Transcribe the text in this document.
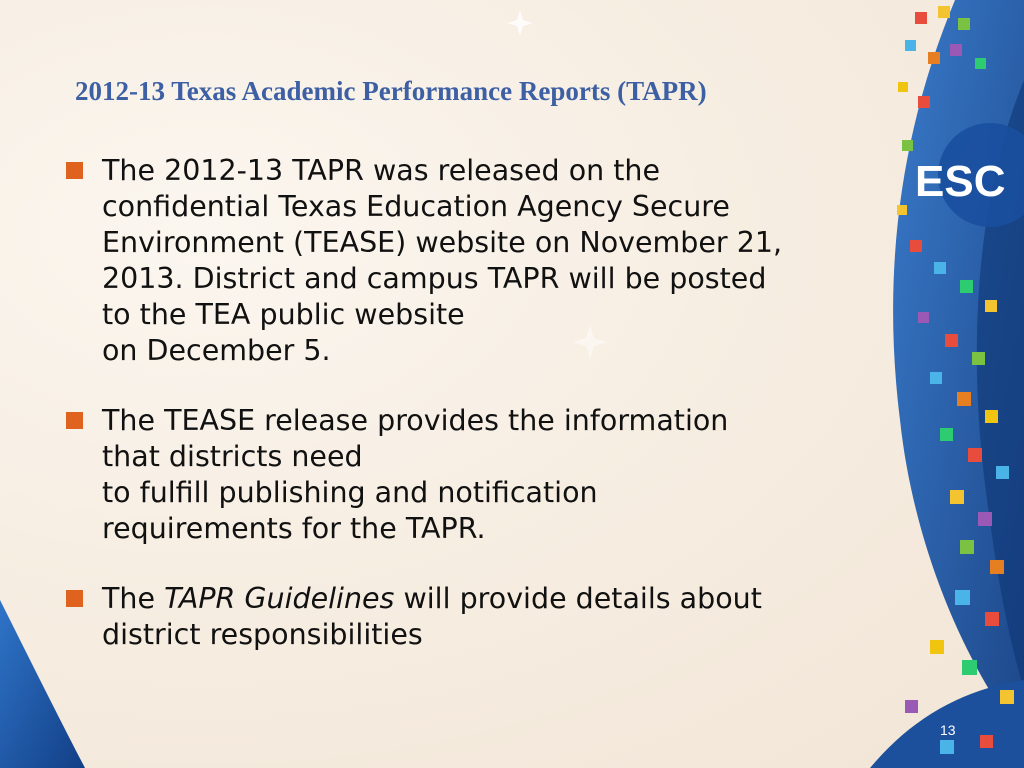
ESC
2012-13 Texas Academic Performance Reports (TAPR)
The 2012-13 TAPR was released on the
confidential Texas Education Agency Secure
Environment (TEASE) website on November 21,
2013. District and campus TAPR will be posted
to the TEA public website
on December 5.
The TEASE release provides the information
that districts need
to fulfill publishing and notification
requirements for the TAPR.
The TAPR Guidelines will provide details about
district responsibilities
13
